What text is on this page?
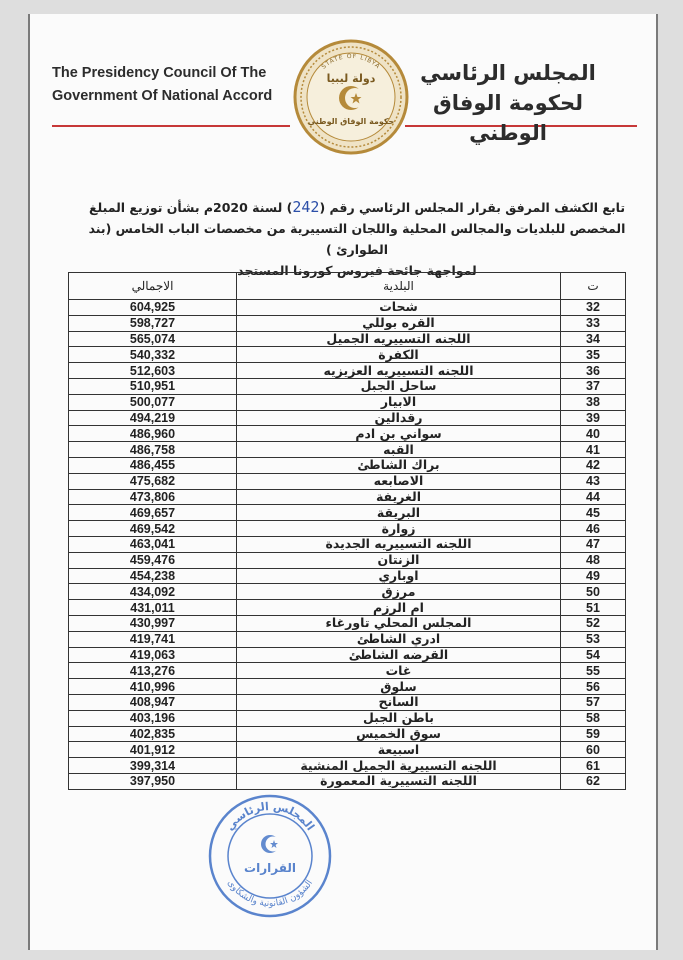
The Presidency Council Of The
Government Of National Accord
STATE OF LIBYA
دولة ليبيا
حكومة الوفاق الوطني
المجلس الرئاسي
لحكومة الوفاق الوطني
تابع الكشف المرفق بقرار المجلس الرئاسي رقم (242) لسنة 2020م بشأن توزيع المبلغ
المخصص للبلديات والمجالس المحلية واللجان التسييرية من مخصصات الباب الخامس (بند الطوارئ )
لمواجهة جائحة فيروس كورونا المستجد
ت	البلدية	الاجمالي
32	شحات	604,925
33	القره بوللي	598,727
34	اللجنه التسييريه الجميل	565,074
35	الكفرة	540,332
36	اللجنه التسييريه العزيزيه	512,603
37	ساحل الجبل	510,951
38	الابيار	500,077
39	رقدالين	494,219
40	سواني بن ادم	486,960
41	القبه	486,758
42	براك الشاطئ	486,455
43	الاصابعه	475,682
44	الغريفة	473,806
45	البريقة	469,657
46	زوارة	469,542
47	اللجنه التسييريه الجديدة	463,041
48	الزنتان	459,476
49	اوباري	454,238
50	مرزق	434,092
51	ام الرزم	431,011
52	المجلس المحلي تاورغاء	430,997
53	ادري الشاطئ	419,741
54	القرضه الشاطئ	419,063
55	غات	413,276
56	سلوق	410,996
57	السانح	408,947
58	باطن الجبل	403,196
59	سوق الخميس	402,835
60	اسبيعة	401,912
61	اللجنه التسييرية الجميل المنشية	399,314
62	اللجنه التسييرية المعمورة	397,950
المجلس الرئاسي
القرارات
الشؤون القانونية والشكاوى
